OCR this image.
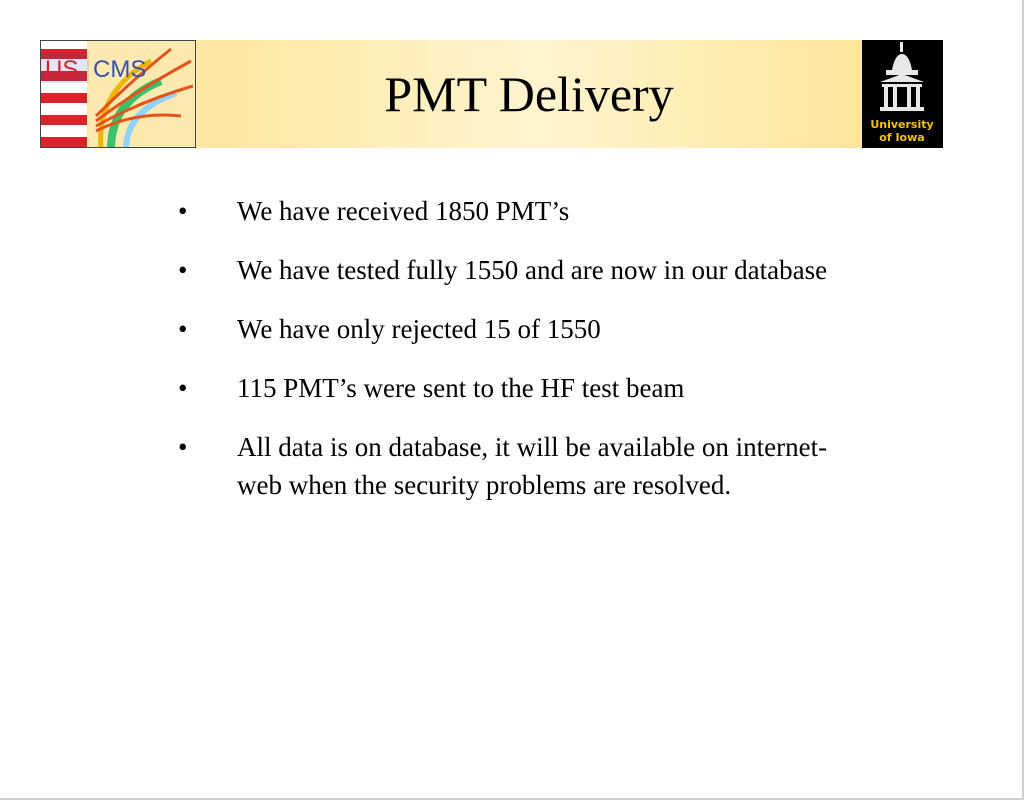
US CMS	PMT Delivery
University
of Iowa
•	We have received 1850 PMT’s
•	We have tested fully 1550 and are now in our database
•	We have only rejected 15 of 1550
•	115 PMT’s were sent to the HF test beam
•	All data is on database, it will be available on internet-web when the security problems are resolved.
